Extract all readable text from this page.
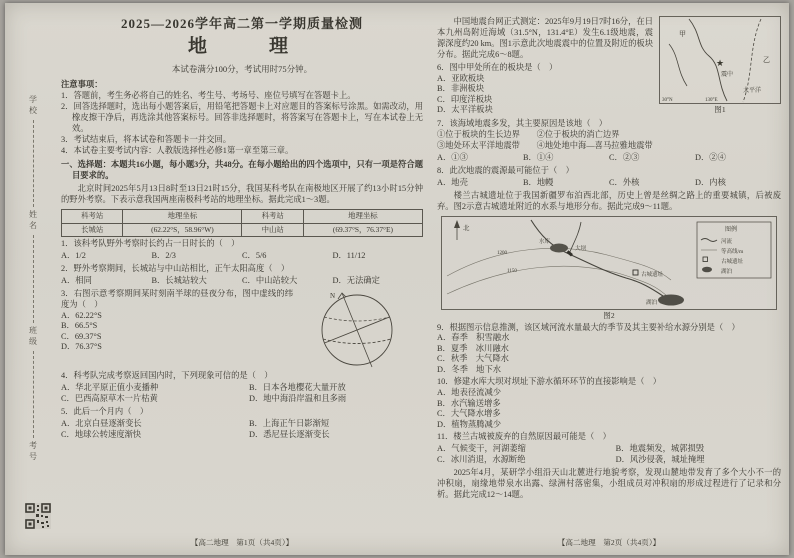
学校
姓名
班级
考号
2025—2026学年高二第一学期质量检测
地　　理
本试卷满分100分，考试用时75分钟。
注意事项：
1．答题前，考生务必将自己的姓名、考生号、考场号、座位号填写在答题卡上。
2．回答选择题时，选出每小题答案后，用铅笔把答题卡上对应题目的答案标号涂黑。如需改动，用橡皮擦干净后，再选涂其他答案标号。回答非选择题时，将答案写在答题卡上，写在本试卷上无效。
3．考试结束后，将本试卷和答题卡一并交回。
4．本试卷主要考试内容：人教版选择性必修1第一章至第三章。
一、选择题：本题共16小题，每小题3分，共48分。在每小题给出的四个选项中，只有一项是符合题目要求的。
北京时间2025年5月13日8时至13日21时15分，我国某科考队在南极地区开展了约13小时15分钟的野外考察。下表示意我国两座南极科考站的地理坐标。据此完成1～3题。
科考站	地理坐标	科考站	地理坐标
长城站	(62.22°S，58.96°W)	中山站	(69.37°S，76.37°E)
1．该科考队野外考察时长约占一日时长的（　）
A．1/2	B．2/3	C．5/6	D．11/12
2．野外考察期间，长城站与中山站相比，正午太阳高度（　）
A．相同	B．长城站较大	C．中山站较大	D．无法确定
N
3．右图示意考察期间某时刻南半球的昼夜分布，图中虚线的纬度为（　）
A．62.22°S
B．66.5°S
C．69.37°S
D．76.37°S
4．科考队完成考察返回国内时，下列现象可信的是（　）
A．华北平原正值小麦播种	B．日本各地樱花大量开放
C．巴西高原草木一片枯黄	D．地中海沿岸温和且多雨
5．此后一个月内（　）
A．北京白昼逐渐变长	B．上海正午日影渐短
C．地球公转速度渐快	D．悉尼昼长逐渐变长
★
甲
乙
震中
太平洋
30°N	130°E
图1
中国地震台网正式测定：2025年9月19日7时16分，在日本九州岛附近海域（31.5°N，131.4°E）发生6.1级地震，震源深度约20 km。图1示意此次地震震中的位置及附近的板块分布。据此完成6～8题。
6．图中甲处所在的板块是（　）
A．亚欧板块
B．非洲板块
C．印度洋板块
D．太平洋板块
7．该海域地震多发，其主要原因是该地（　）
①位于板块的生长边界　　②位于板块的消亡边界
③地处环太平洋地震带　　④地处地中海—喜马拉雅地震带
A．①③	B．①④	C．②③	D．②④
8．此次地震的震源最可能位于（　）
A．地壳	B．地幔	C．外核	D．内核
楼兰古城遗址位于我国新疆罗布泊西北部，历史上曾是丝绸之路上的重要城镇，后被废弃。图2示意古城遗址附近的水系与地形分布。据此完成9～11题。
北
1200
1150
水库
大坝
古城遗址
湖泊
图例
河流
等高线/m
古城遗址
湖泊
图2
9．根据图示信息推测，该区域河流水量最大的季节及其主要补给水源分别是（　）
A．春季　积雪融水
B．夏季　冰川融水
C．秋季　大气降水
D．冬季　地下水
10．修建水库大坝对坝址下游水循环环节的直接影响是（　）
A．地表径流减少
B．水汽输送增多
C．大气降水增多
D．植物蒸腾减少
11．楼兰古城被废弃的自然原因最可能是（　）
A．气候变干，河湖萎缩	B．地震频发，城郭损毁
C．冰川消退，水源断绝	D．风沙侵袭，城址掩埋
2025年4月，某研学小组沿天山北麓进行地貌考察，发现山麓地带发育了多个大小不一的冲积扇，扇缘地带泉水出露、绿洲村落密集，小组成员对冲积扇的形成过程进行了记录和分析。据此完成12～14题。
【高二地理　第1页（共4页）】	【高二地理　第2页（共4页）】
